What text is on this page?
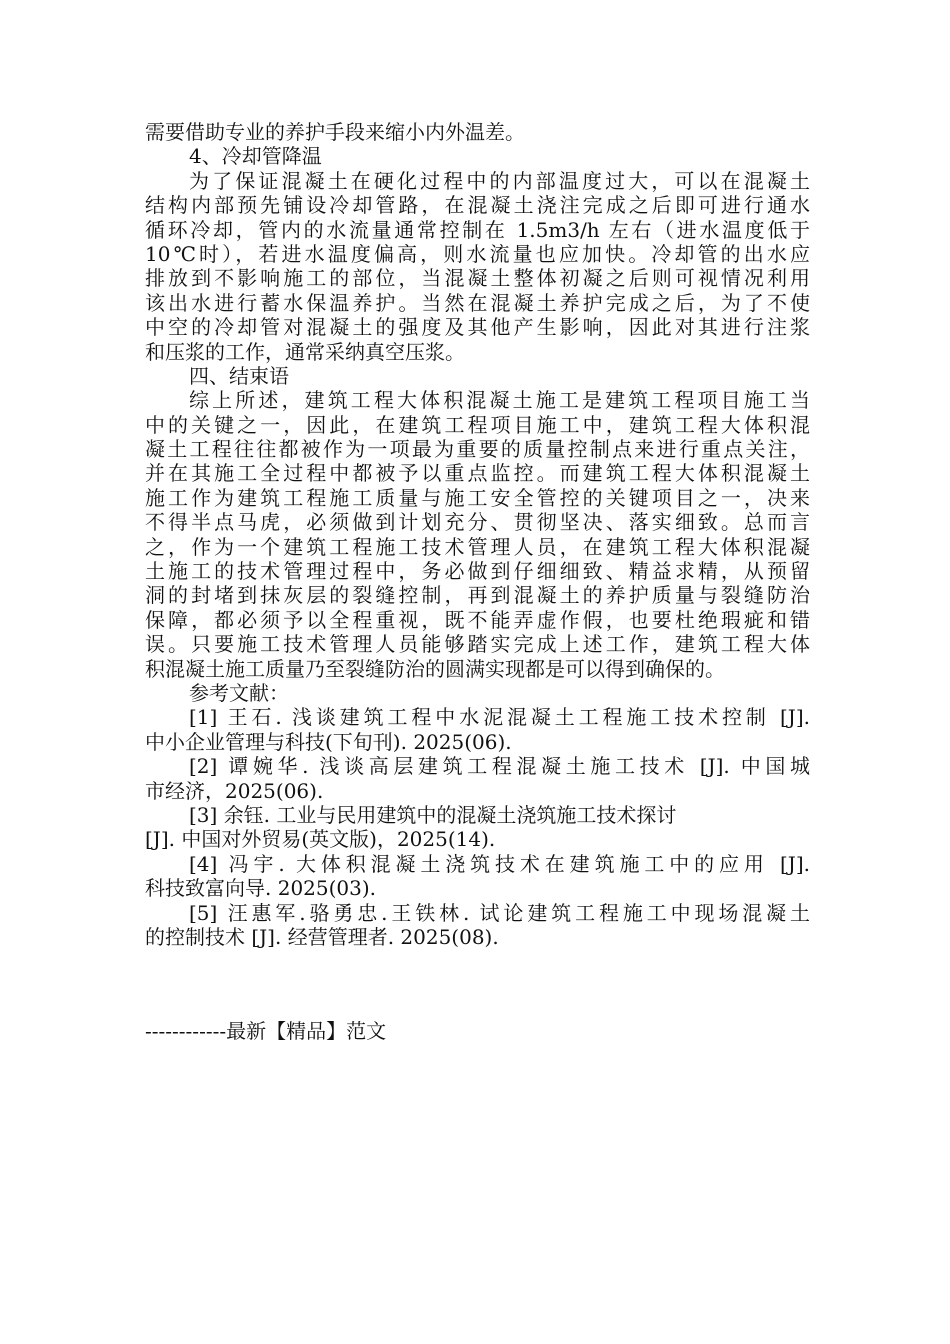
需要借助专业的养护手段来缩小内外温差。
4、冷却管降温
为了保证混凝土在硬化过程中的内部温度过大，可以在混凝土
结构内部预先铺设冷却管路，在混凝土浇注完成之后即可进行通水
循环冷却，管内的水流量通常控制在 1.5m3/h 左右（进水温度低于
10℃时），若进水温度偏高，则水流量也应加快。冷却管的出水应
排放到不影响施工的部位，当混凝土整体初凝之后则可视情况利用
该出水进行蓄水保温养护。当然在混凝土养护完成之后，为了不使
中空的冷却管对混凝土的强度及其他产生影响，因此对其进行注浆
和压浆的工作，通常采纳真空压浆。
四、结束语
综上所述，建筑工程大体积混凝土施工是建筑工程项目施工当
中的关键之一，因此，在建筑工程项目施工中，建筑工程大体积混
凝土工程往往都被作为一项最为重要的质量控制点来进行重点关注，
并在其施工全过程中都被予以重点监控。而建筑工程大体积混凝土
施工作为建筑工程施工质量与施工安全管控的关键项目之一，决来
不得半点马虎，必须做到计划充分、贯彻坚决、落实细致。总而言
之，作为一个建筑工程施工技术管理人员，在建筑工程大体积混凝
土施工的技术管理过程中，务必做到仔细细致、精益求精，从预留
洞的封堵到抹灰层的裂缝控制，再到混凝土的养护质量与裂缝防治
保障，都必须予以全程重视，既不能弄虚作假，也要杜绝瑕疵和错
误。只要施工技术管理人员能够踏实完成上述工作，建筑工程大体
积混凝土施工质量乃至裂缝防治的圆满实现都是可以得到确保的。
参考文献：
[1] 王石. 浅谈建筑工程中水泥混凝土工程施工技术控制 [J].
中小企业管理与科技(下旬刊). 2025(06).
[2] 谭婉华. 浅谈高层建筑工程混凝土施工技术 [J]. 中国城
市经济，2025(06).
[3] 余钰. 工业与民用建筑中的混凝土浇筑施工技术探讨
[J]. 中国对外贸易(英文版)，2025(14).
[4] 冯宇. 大体积混凝土浇筑技术在建筑施工中的应用 [J].
科技致富向导. 2025(03).
[5] 汪惠军.骆勇忠.王铁林. 试论建筑工程施工中现场混凝土
的控制技术 [J]. 经营管理者. 2025(08).
------------最新【精品】范文
